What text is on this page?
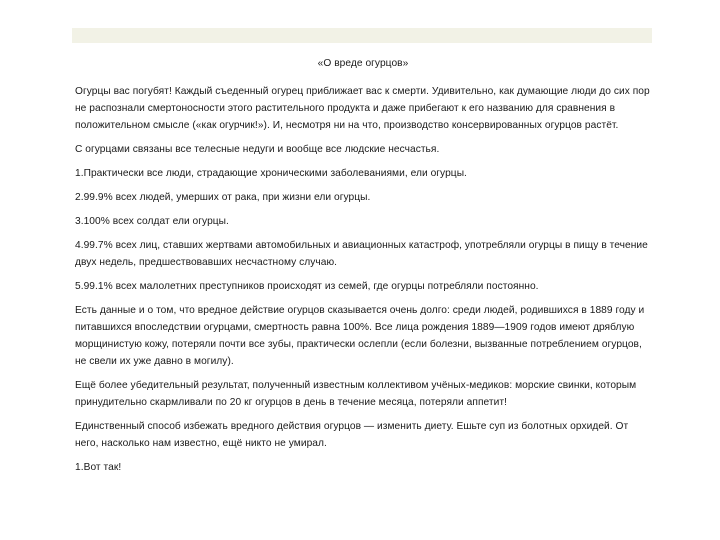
«О вреде огурцов»

Огурцы вас погубят! Каждый съеденный огурец приближает вас к смерти. Удивительно, как думающие люди до сих пор не распознали смертоносности этого растительного продукта и даже прибегают к его названию для сравнения в положительном смысле («как огурчик!»). И, несмотря ни на что, производство консервированных огурцов растёт.

С огурцами связаны все телесные недуги и вообще все людские несчастья.

1.Практически все люди, страдающие хроническими заболеваниями, ели огурцы.

2.99.9% всех людей, умерших от рака, при жизни ели огурцы.

3.100% всех солдат ели огурцы.

4.99.7% всех лиц, ставших жертвами автомобильных и авиационных катастроф, употребляли огурцы в пищу в течение двух недель, предшествовавших несчастному случаю.

5.99.1% всех малолетних преступников происходят из семей, где огурцы потребляли постоянно.

Есть данные и о том, что вредное действие огурцов сказывается очень долго: среди людей, родившихся в 1889 году и питавшихся впоследствии огурцами, смертность равна 100%. Все лица рождения 1889—1909 годов имеют дряблую морщинистую кожу, потеряли почти все зубы, практически ослепли (если болезни, вызванные потреблением огурцов, не свели их уже давно в могилу).

Ещё более убедительный результат, полученный известным коллективом учёных-медиков: морские свинки, которым принудительно скармливали по 20 кг огурцов в день в течение месяца, потеряли аппетит!

Единственный способ избежать вредного действия огурцов — изменить диету. Ешьте суп из болотных орхидей. От него, насколько нам известно, ещё никто не умирал.

1.Вот так!
